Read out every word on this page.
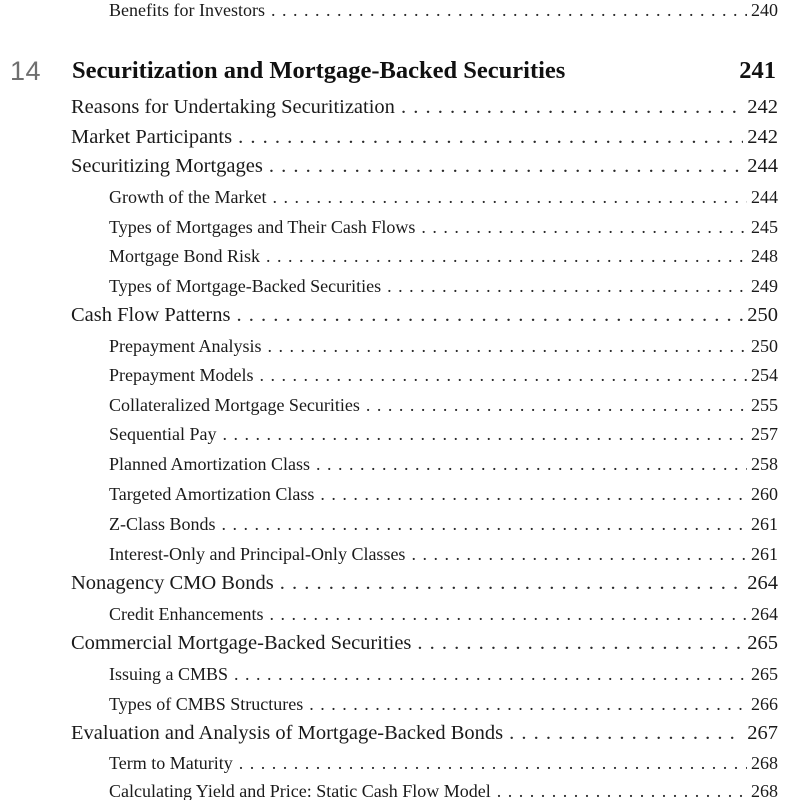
Benefits for Investors . . .	240
14 Securitization and Mortgage-Backed Securities	241
Reasons for Undertaking Securitization . . .	242
Market Participants . . .	242
Securitizing Mortgages . . .	244
Growth of the Market . . .	244
Types of Mortgages and Their Cash Flows . . .	245
Mortgage Bond Risk . . .	248
Types of Mortgage-Backed Securities . . .	249
Cash Flow Patterns . . .	250
Prepayment Analysis . . .	250
Prepayment Models . . .	254
Collateralized Mortgage Securities . . .	255
Sequential Pay . . .	257
Planned Amortization Class . . .	258
Targeted Amortization Class . . .	260
Z-Class Bonds . . .	261
Interest-Only and Principal-Only Classes . . .	261
Nonagency CMO Bonds . . .	264
Credit Enhancements . . .	264
Commercial Mortgage-Backed Securities . . .	265
Issuing a CMBS . . .	265
Types of CMBS Structures . . .	266
Evaluation and Analysis of Mortgage-Backed Bonds . . .	267
Term to Maturity . . .	268
Calculating Yield and Price: Static Cash Flow Model . . .	268
